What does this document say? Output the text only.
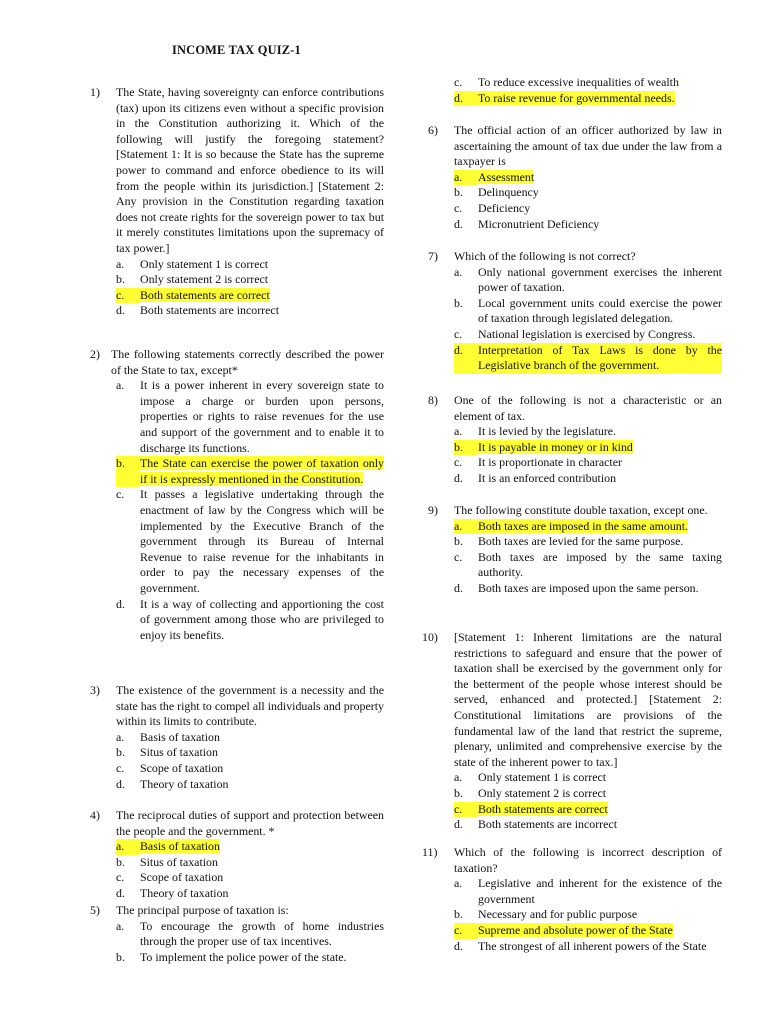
INCOME TAX QUIZ-1
1)	The State, having sovereignty can enforce contributions (tax) upon its citizens even without a specific provision in the Constitution authorizing it. Which of the following will justify the foregoing statement? [Statement 1: It is so because the State has the supreme power to command and enforce obedience to its will from the people within its jurisdiction.] [Statement 2: Any provision in the Constitution regarding taxation does not create rights for the sovereign power to tax but it merely constitutes limitations upon the supremacy of tax power.]
a.	Only statement 1 is correct
b.	Only statement 2 is correct
c.	Both statements are correct
d.	Both statements are incorrect
2) The following statements correctly described the power of the State to tax, except*
a.	It is a power inherent in every sovereign state to impose a charge or burden upon persons, properties or rights to raise revenues for the use and support of the government and to enable it to discharge its functions.
b.	The State can exercise the power of taxation only if it is expressly mentioned in the Constitution.
c.	It passes a legislative undertaking through the enactment of law by the Congress which will be implemented by the Executive Branch of the government through its Bureau of Internal Revenue to raise revenue for the inhabitants in order to pay the necessary expenses of the government.
d.	It is a way of collecting and apportioning the cost of government among those who are privileged to enjoy its benefits.
3)	The existence of the government is a necessity and the state has the right to compel all individuals and property within its limits to contribute.
a.	Basis of taxation
b.	Situs of taxation
c.	Scope of taxation
d.	Theory of taxation
4)	The reciprocal duties of support and protection between the people and the government. *
a.	Basis of taxation
b.	Situs of taxation
c.	Scope of taxation
d.	Theory of taxation
5)	The principal purpose of taxation is:
a.	To encourage the growth of home industries through the proper use of tax incentives.
b.	To implement the police power of the state.
c.	To reduce excessive inequalities of wealth
d.	To raise revenue for governmental needs.
6)	The official action of an officer authorized by law in ascertaining the amount of tax due under the law from a taxpayer is
a.	Assessment
b.	Delinquency
c.	Deficiency
d.	Micronutrient Deficiency
7)	Which of the following is not correct?
a.	Only national government exercises the inherent power of taxation.
b.	Local government units could exercise the power of taxation through legislated delegation.
c.	National legislation is exercised by Congress.
d.	Interpretation of Tax Laws is done by the Legislative branch of the government.
8)	One of the following is not a characteristic or an element of tax.
a.	It is levied by the legislature.
b.	It is payable in money or in kind
c.	It is proportionate in character
d.	It is an enforced contribution
9)	The following constitute double taxation, except one.
a.	Both taxes are imposed in the same amount.
b.	Both taxes are levied for the same purpose.
c.	Both taxes are imposed by the same taxing authority.
d.	Both taxes are imposed upon the same person.
10)	[Statement 1: Inherent limitations are the natural restrictions to safeguard and ensure that the power of taxation shall be exercised by the government only for the betterment of the people whose interest should be served, enhanced and protected.] [Statement 2: Constitutional limitations are provisions of the fundamental law of the land that restrict the supreme, plenary, unlimited and comprehensive exercise by the state of the inherent power to tax.]
a.	Only statement 1 is correct
b.	Only statement 2 is correct
c.	Both statements are correct
d.	Both statements are incorrect
11)	Which of the following is incorrect description of taxation?
a.	Legislative and inherent for the existence of the government
b.	Necessary and for public purpose
c.	Supreme and absolute power of the State
d.	The strongest of all inherent powers of the State
